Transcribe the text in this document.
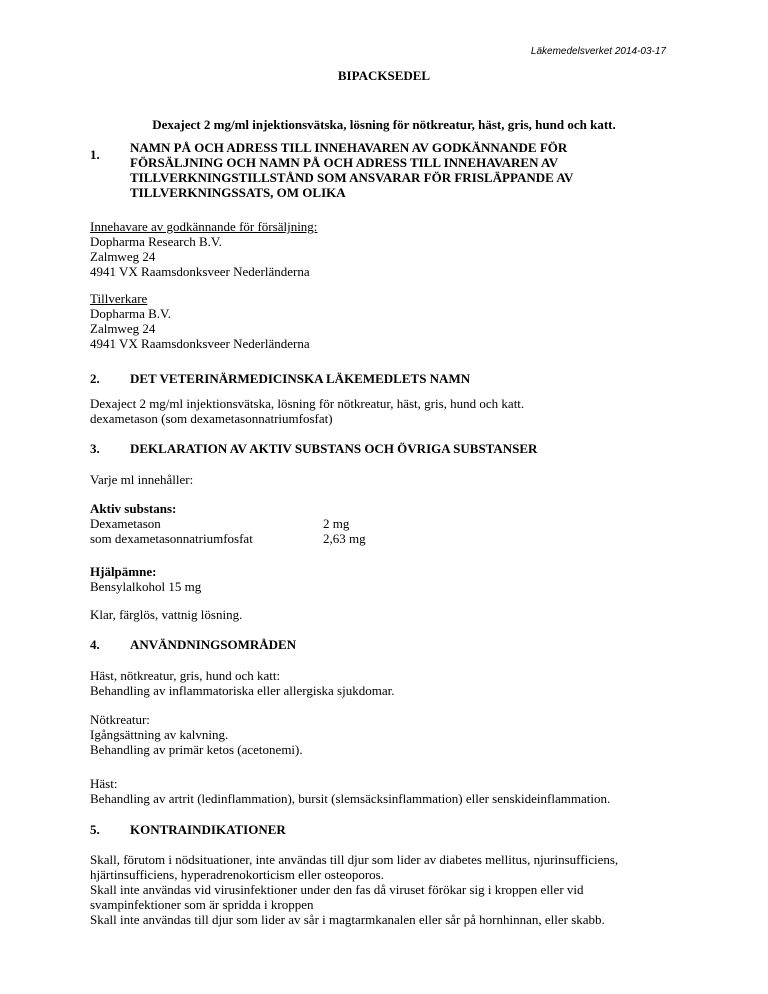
Läkemedelsverket 2014-03-17
BIPACKSEDEL
Dexaject 2 mg/ml injektionsvätska, lösning för nötkreatur, häst, gris, hund och katt.
1. NAMN PÅ OCH ADRESS TILL INNEHAVAREN AV GODKÄNNANDE FÖR FÖRSÄLJNING OCH NAMN PÅ OCH ADRESS TILL INNEHAVAREN AV TILLVERKNINGSTILLSTÅND SOM ANSVARAR FÖR FRISLÄPPANDE AV TILLVERKNINGSSATS, OM OLIKA
Innehavare av godkännande för försäljning:
Dopharma Research B.V.
Zalmweg 24
4941 VX Raamsdonksveer Nederländerna
Tillverkare
Dopharma B.V.
Zalmweg 24
4941 VX Raamsdonksveer Nederländerna
2. DET VETERINÄRMEDICINSKA LÄKEMEDLETS NAMN
Dexaject 2 mg/ml injektionsvätska, lösning för nötkreatur, häst, gris, hund och katt.
dexametason (som dexametasonnatriumfosfat)
3. DEKLARATION AV AKTIV SUBSTANS OCH ÖVRIGA SUBSTANSER
Varje ml innehåller:
Aktiv substans:
Dexametason	2 mg
som dexametasonnatriumfosfat	2,63 mg
Hjälpämne:
Bensylalkohol 15 mg
Klar, färglös, vattnig lösning.
4. ANVÄNDNINGSOMRÅDEN
Häst, nötkreatur, gris, hund och katt:
Behandling av inflammatoriska eller allergiska sjukdomar.
Nötkreatur:
Igångsättning av kalvning.
Behandling av primär ketos (acetonemi).
Häst:
Behandling av artrit (ledinflammation), bursit (slemsäcksinflammation) eller senskideinflammation.
5. KONTRAINDIKATIONER
Skall, förutom i nödsituationer, inte användas till djur som lider av diabetes mellitus, njurinsufficiens, hjärtinsufficiens, hyperadrenokorticism eller osteoporos.
Skall inte användas vid virusinfektioner under den fas då viruset förökar sig i kroppen eller vid svampinfektioner som är spridda i kroppen
Skall inte användas till djur som lider av sår i magtarmkanalen eller sår på hornhinnan, eller skabb.
